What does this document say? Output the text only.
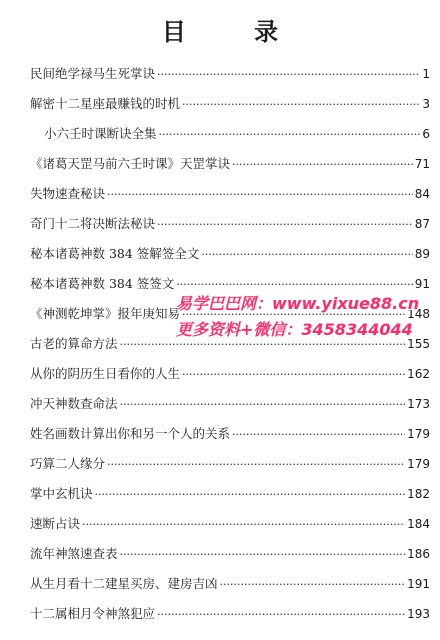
目 录
民间绝学禄马生死掌诀 ·····	1
解密十二星座最赚钱的时机 ·····	3
小六壬时课断诀全集 ·····	6
《诸葛天罡马前六壬时课》天罡掌诀 ·····	71
失物速查秘诀 ·····	84
奇门十二将决断法秘诀 ·····	87
秘本诸葛神数 384 签解签全文 ·····	89
秘本诸葛神数 384 签签文 ·····	91
《神测乾坤掌》报年庚知易 ·····	148
古老的算命方法 ·····	155
从你的阴历生日看你的人生 ·····	162
冲天神数查命法 ·····	173
姓名画数计算出你和另一个人的关系 ·····	179
巧算二人缘分 ·····	179
掌中玄机诀 ·····	182
速断占诀 ·····	184
流年神煞速查表 ·····	186
从生月看十二建星买房、建房吉凶 ·····	191
十二属相月令神煞犯应 ·····	193
易学巴巴网：www.yixue88.cn
更多资料+微信：3458344044
